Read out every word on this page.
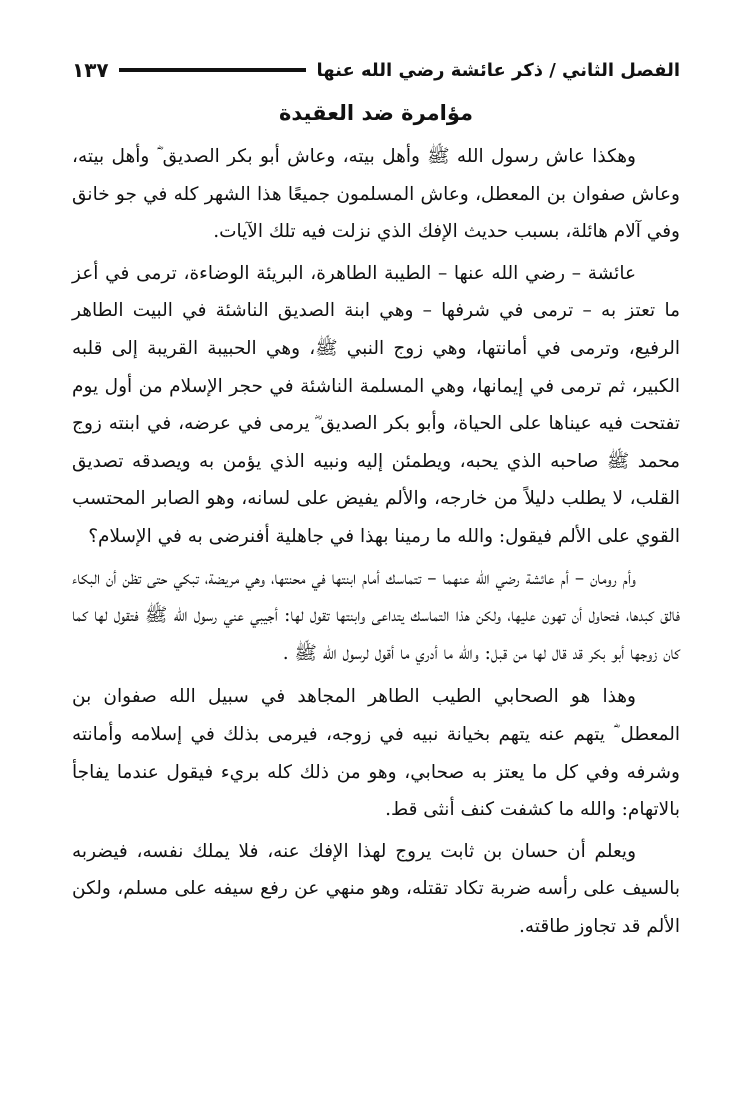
الفصل الثاني / ذكر عائشة رضي الله عنها
١٣٧
مؤامرة ضد العقيدة

وهكذا عاش رسول الله ﷺ وأهل بيته، وعاش أبو بكر الصديق ؓ وأهل بيته، وعاش صفوان بن المعطل، وعاش المسلمون جميعًا هذا الشهر كله في جو خانق وفي آلام هائلة، بسبب حديث الإفك الذي نزلت فيه تلك الآيات.

عائشة – رضي الله عنها – الطيبة الطاهرة، البريئة الوضاءة، ترمى في أعز ما تعتز به – ترمى في شرفها – وهي ابنة الصديق الناشئة في البيت الطاهر الرفيع، وترمى في أمانتها، وهي زوج النبي ﷺ، وهي الحبيبة القريبة إلى قلبه الكبير، ثم ترمى في إيمانها، وهي المسلمة الناشئة في حجر الإسلام من أول يوم تفتحت فيه عيناها على الحياة، وأبو بكر الصديق ؓ يرمى في عرضه، في ابنته زوج محمد ﷺ صاحبه الذي يحبه، ويطمئن إليه ونبيه الذي يؤمن به ويصدقه تصديق القلب، لا يطلب دليلاً من خارجه، والألم يفيض على لسانه، وهو الصابر المحتسب القوي على الألم فيقول: والله ما رمينا بهذا في جاهلية أفنرضى به في الإسلام؟

وأم رومان – أم عائشة رضي الله عنهما – تتماسك أمام ابنتها في محنتها، وهي مريضة، تبكي حتى تظن أن البكاء فالق كبدها، فتحاول أن تهون عليها، ولكن هذا التماسك يتداعى وابنتها تقول لها: أجيبي عني رسول الله ﷺ فتقول لها كما كان زوجها أبو بكر قد قال لها من قبل: والله ما أدري ما أقول لرسول الله ﷺ .

وهذا هو الصحابي الطيب الطاهر المجاهد في سبيل الله صفوان بن المعطل ؓ يتهم عنه يتهم بخيانة نبيه في زوجه، فيرمى بذلك في إسلامه وأمانته وشرفه وفي كل ما يعتز به صحابي، وهو من ذلك كله بريء فيقول عندما يفاجأ بالاتهام: والله ما كشفت كنف أنثى قط.

ويعلم أن حسان بن ثابت يروج لهذا الإفك عنه، فلا يملك نفسه، فيضربه بالسيف على رأسه ضربة تكاد تقتله، وهو منهي عن رفع سيفه على مسلم، ولكن الألم قد تجاوز طاقته.
